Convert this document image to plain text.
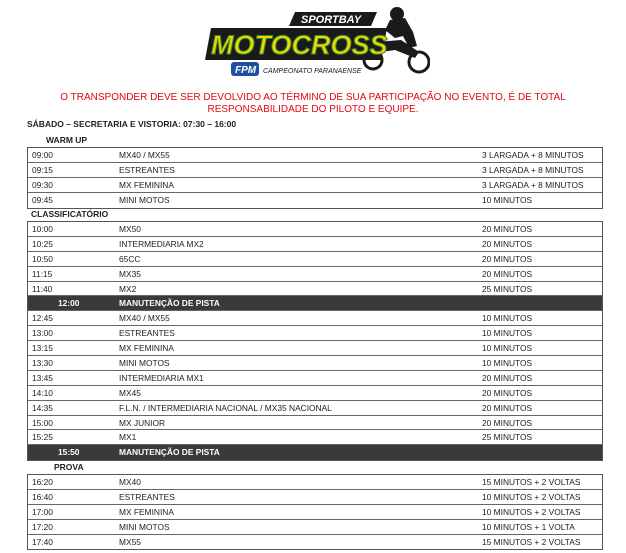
SPORTBAY
MOTOCROSS
FPM CAMPEONATO PARANAENSE
O TRANSPONDER DEVE SER DEVOLVIDO AO TÉRMINO DE SUA PARTICIPAÇÃO NO EVENTO, É DE TOTAL
RESPONSABILIDADE DO PILOTO E EQUIPE.
SÁBADO – SECRETARIA E VISTORIA: 07:30 – 16:00
WARM UP
09:00	MX40 / MX55	3 LARGADA + 8 MINUTOS
09:15	ESTREANTES	3 LARGADA + 8 MINUTOS
09:30	MX FEMININA	3 LARGADA + 8 MINUTOS
09:45	MINI MOTOS	10 MINUTOS
CLASSIFICATÓRIO
10:00	MX50	20 MINUTOS
10:25	INTERMEDIARIA MX2	20 MINUTOS
10:50	65CC	20 MINUTOS
11:15	MX35	20 MINUTOS
11:40	MX2	25 MINUTOS
12:00	MANUTENÇÃO DE PISTA
12:45	MX40 / MX55	10 MINUTOS
13:00	ESTREANTES	10 MINUTOS
13:15	MX FEMININA	10 MINUTOS
13:30	MINI MOTOS	10 MINUTOS
13:45	INTERMEDIARIA MX1	20 MINUTOS
14:10	MX45	20 MINUTOS
14:35	F.L.N. / INTERMEDIARIA NACIONAL / MX35 NACIONAL	20 MINUTOS
15:00	MX JUNIOR	20 MINUTOS
15:25	MX1	25 MINUTOS
15:50	MANUTENÇÃO DE PISTA
PROVA
16:20	MX40	15 MINUTOS + 2 VOLTAS
16:40	ESTREANTES	10 MINUTOS + 2 VOLTAS
17:00	MX FEMININA	10 MINUTOS + 2 VOLTAS
17:20	MINI MOTOS	10 MINUTOS + 1 VOLTA
17:40	MX55	15 MINUTOS + 2 VOLTAS
